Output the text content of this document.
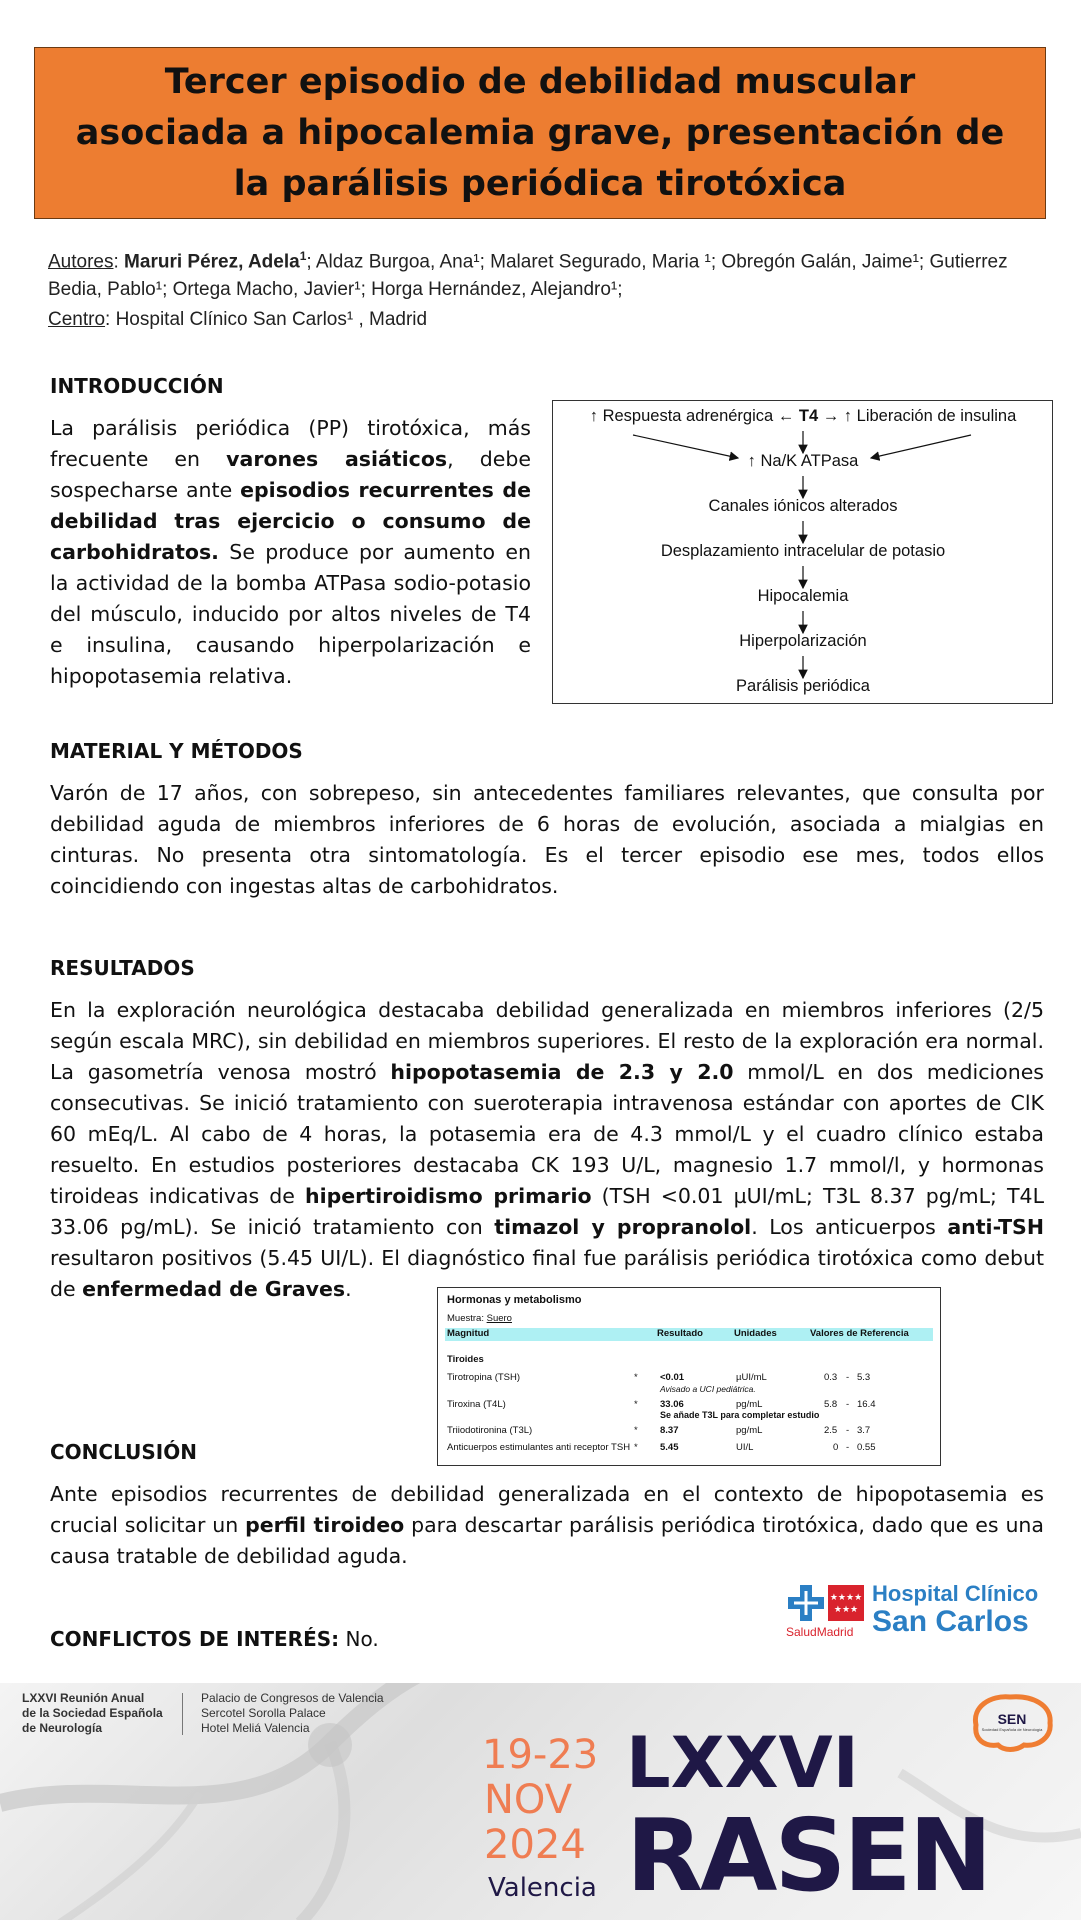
Tercer episodio de debilidad muscular asociada a hipocalemia grave, presentación de la parálisis periódica tirotóxica
Autores: Maruri Pérez, Adela$^1$; Aldaz Burgoa, Ana¹; Malaret Segurado, Maria ¹; Obregón Galán, Jaime¹; Gutierrez Bedia, Pablo¹; Ortega Macho, Javier¹; Horga Hernández, Alejandro¹;
Centro: Hospital Clínico San Carlos¹ , Madrid
INTRODUCCIÓN
La parálisis periódica (PP) tirotóxica, más frecuente en varones asiáticos, debe sospecharse ante episodios recurrentes de debilidad tras ejercicio o consumo de carbohidratos. Se produce por aumento en la actividad de la bomba ATPasa sodio-potasio del músculo, inducido por altos niveles de T4 e insulina, causando hiperpolarización e hipopotasemia relativa.
↑ Respuesta adrenérgica ← T4 → ↑ Liberación de insulina
↑ Na/K ATPasa
Canales iónicos alterados
Desplazamiento intracelular de potasio
Hipocalemia
Hiperpolarización
Parálisis periódica
MATERIAL Y MÉTODOS
Varón de 17 años, con sobrepeso, sin antecedentes familiares relevantes, que consulta por debilidad aguda de miembros inferiores de 6 horas de evolución, asociada a mialgias en cinturas. No presenta otra sintomatología. Es el tercer episodio ese mes, todos ellos coincidiendo con ingestas altas de carbohidratos.
RESULTADOS
En la exploración neurológica destacaba debilidad generalizada en miembros inferiores (2/5 según escala MRC), sin debilidad en miembros superiores. El resto de la exploración era normal. La gasometría venosa mostró hipopotasemia de 2.3 y 2.0 mmol/L en dos mediciones consecutivas. Se inició tratamiento con sueroterapia intravenosa estándar con aportes de ClK 60 mEq/L. Al cabo de 4 horas, la potasemia era de 4.3 mmol/L y el cuadro clínico estaba resuelto. En estudios posteriores destacaba CK 193 U/L, magnesio 1.7 mmol/l, y hormonas tiroideas indicativas de hipertiroidismo primario (TSH <0.01 µUI/mL; T3L 8.37 pg/mL; T4L 33.06 pg/mL). Se inició tratamiento con timazol y propranolol. Los anticuerpos anti-TSH resultaron positivos (5.45 UI/L). El diagnóstico final fue parálisis periódica tirotóxica como debut de enfermedad de Graves.	Hormonas y metabolismo
Muestra: Suero
Magnitud	Resultado	Unidades	Valores de Referencia
Tiroides
Tirotropina (TSH)	* <0.01	µUI/mL	0.3 - 5.3
Avisado a UCI pediátrica.
Tiroxina (T4L)	* 33.06	pg/mL	5.8 - 16.4
Se añade T3L para completar estudio
Triiodotironina (T3L)	* 8.37	pg/mL	2.5 - 3.7
Anticuerpos estimulantes anti receptor TSH * 5.45	UI/L	0 - 0.55
CONCLUSIÓN
Ante episodios recurrentes de debilidad generalizada en el contexto de hipopotasemia es crucial solicitar un perfil tiroideo para descartar parálisis periódica tirotóxica, dado que es una causa tratable de debilidad aguda.
★★★★
★★★
SaludMadrid
Hospital Clínico
San Carlos
CONFLICTOS DE INTERÉS: No.
LXXVI Reunión Anual
de la Sociedad Española
de Neurología
Palacio de Congresos de Valencia
Sercotel Sorolla Palace
Hotel Meliá Valencia
19-23
NOV
2024
Valencia
LXXVI
RASEN
SEN
Sociedad Española de Neurología
